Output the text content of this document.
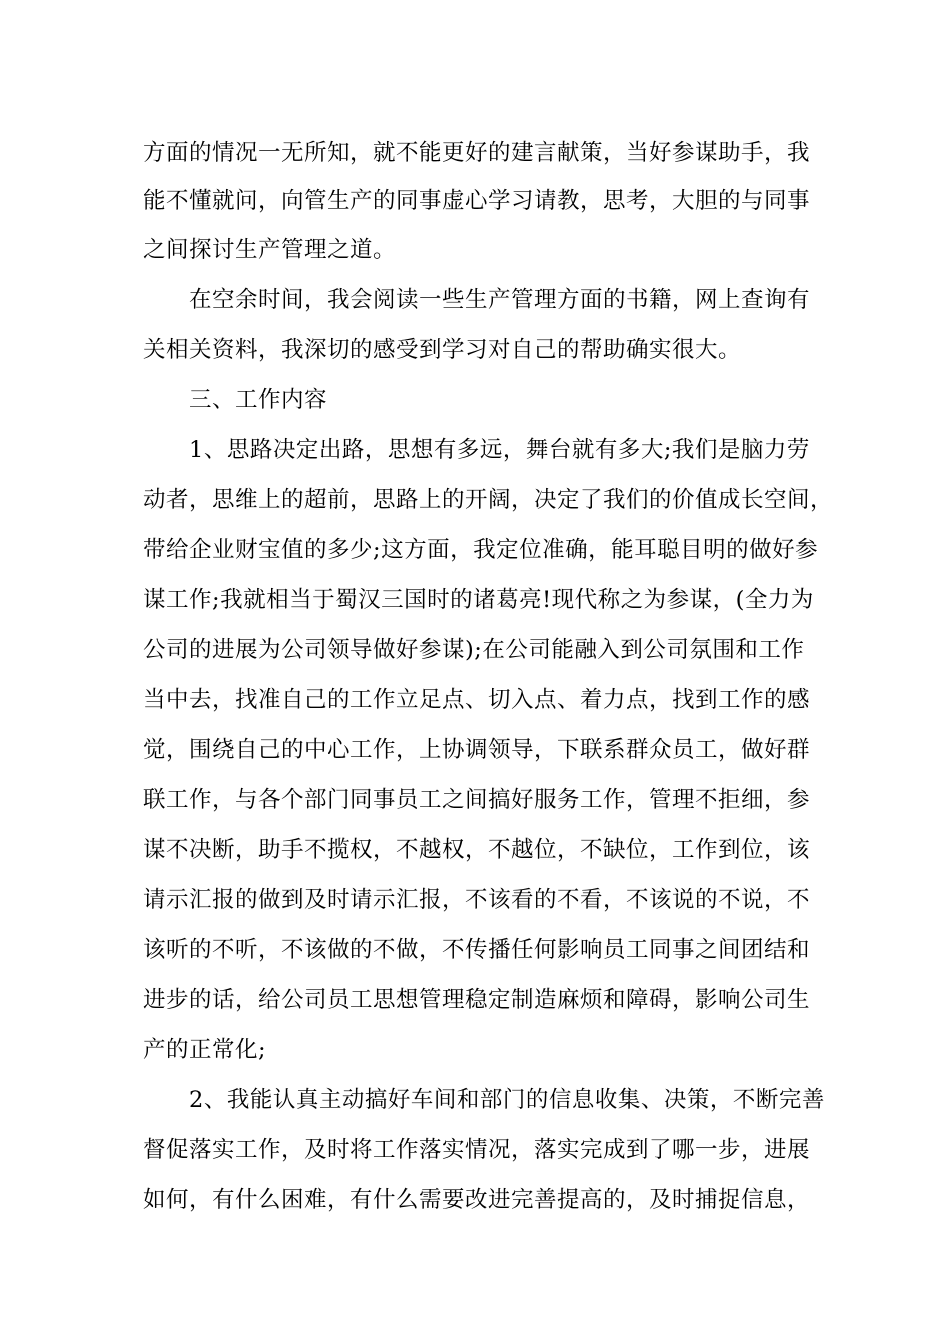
方面的情况一无所知，就不能更好的建言献策，当好参谋助手，我
能不懂就问，向管生产的同事虚心学习请教，思考，大胆的与同事
之间探讨生产管理之道。
　　在空余时间，我会阅读一些生产管理方面的书籍，网上查询有
关相关资料，我深切的感受到学习对自己的帮助确实很大。
　　三、工作内容
　　1、思路决定出路，思想有多远，舞台就有多大;我们是脑力劳
动者，思维上的超前，思路上的开阔，决定了我们的价值成长空间，
带给企业财宝值的多少;这方面，我定位准确，能耳聪目明的做好参
谋工作;我就相当于蜀汉三国时的诸葛亮!现代称之为参谋，(全力为
公司的进展为公司领导做好参谋);在公司能融入到公司氛围和工作
当中去，找准自己的工作立足点、切入点、着力点，找到工作的感
觉，围绕自己的中心工作，上协调领导，下联系群众员工，做好群
联工作，与各个部门同事员工之间搞好服务工作，管理不拒细，参
谋不决断，助手不揽权，不越权，不越位，不缺位，工作到位，该
请示汇报的做到及时请示汇报，不该看的不看，不该说的不说，不
该听的不听，不该做的不做，不传播任何影响员工同事之间团结和
进步的话，给公司员工思想管理稳定制造麻烦和障碍，影响公司生
产的正常化;
　　2、我能认真主动搞好车间和部门的信息收集、决策，不断完善
督促落实工作，及时将工作落实情况，落实完成到了哪一步，进展
如何，有什么困难，有什么需要改进完善提高的，及时捕捉信息，
